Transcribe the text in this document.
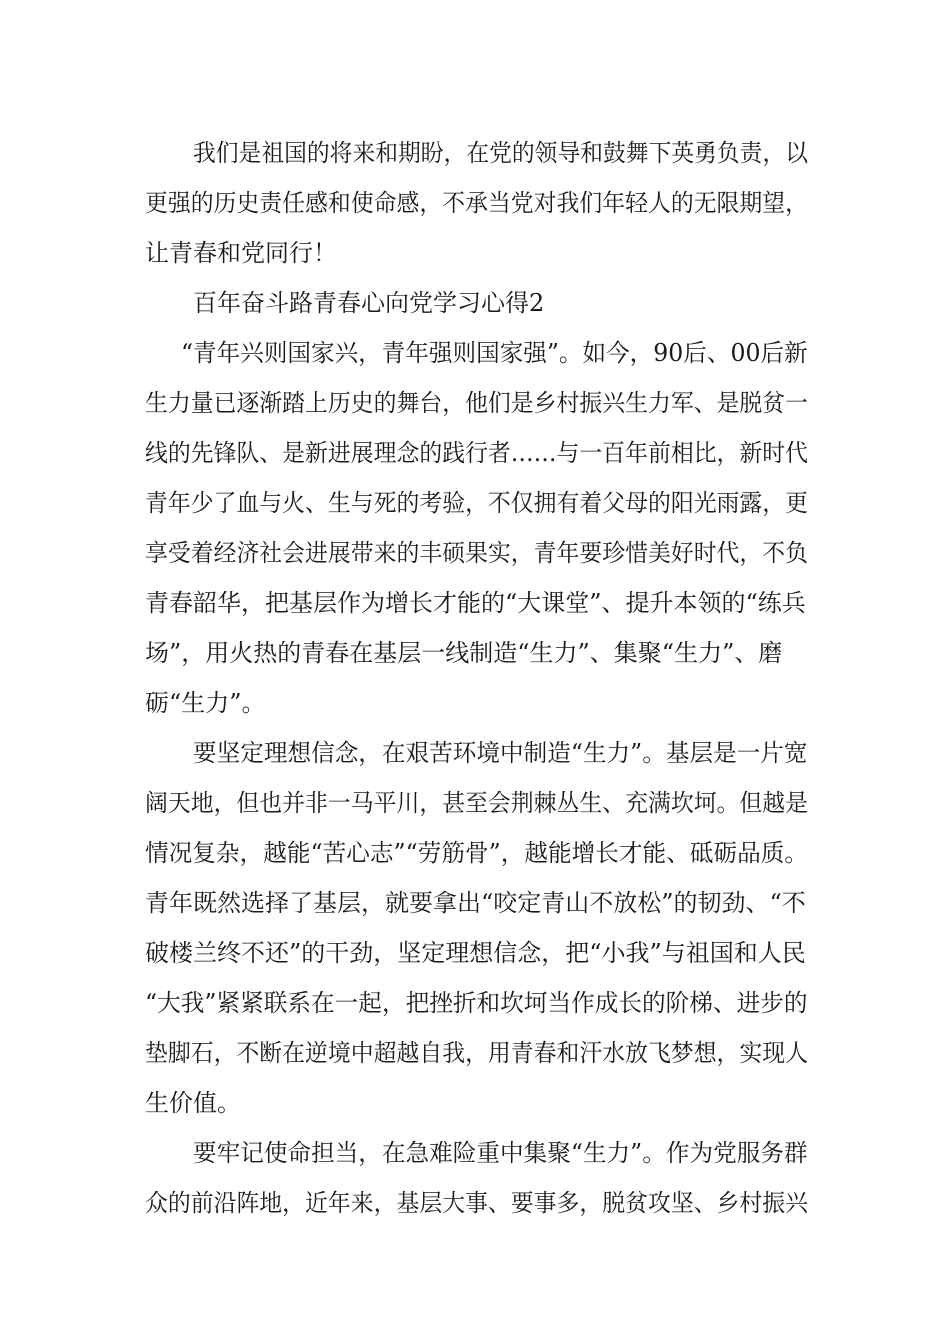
我们是祖国的将来和期盼，在党的领导和鼓舞下英勇负责，以
更强的历史责任感和使命感，不承当党对我们年轻人的无限期望，
让青春和党同行！
百年奋斗路青春心向党学习心得2
“青年兴则国家兴，青年强则国家强”。如今，90后、00后新
生力量已逐渐踏上历史的舞台，他们是乡村振兴生力军、是脱贫一
线的先锋队、是新进展理念的践行者……与一百年前相比，新时代
青年少了血与火、生与死的考验，不仅拥有着父母的阳光雨露，更
享受着经济社会进展带来的丰硕果实，青年要珍惜美好时代，不负
青春韶华，把基层作为增长才能的“大课堂”、提升本领的“练兵
场”，用火热的青春在基层一线制造“生力”、集聚“生力”、磨
砺“生力”。
要坚定理想信念，在艰苦环境中制造“生力”。基层是一片宽
阔天地，但也并非一马平川，甚至会荆棘丛生、充满坎坷。但越是
情况复杂，越能“苦心志”“劳筋骨”，越能增长才能、砥砺品质。
青年既然选择了基层，就要拿出“咬定青山不放松”的韧劲、“不
破楼兰终不还”的干劲，坚定理想信念，把“小我”与祖国和人民
“大我”紧紧联系在一起，把挫折和坎坷当作成长的阶梯、进步的
垫脚石，不断在逆境中超越自我，用青春和汗水放飞梦想，实现人
生价值。
要牢记使命担当，在急难险重中集聚“生力”。作为党服务群
众的前沿阵地，近年来，基层大事、要事多，脱贫攻坚、乡村振兴
